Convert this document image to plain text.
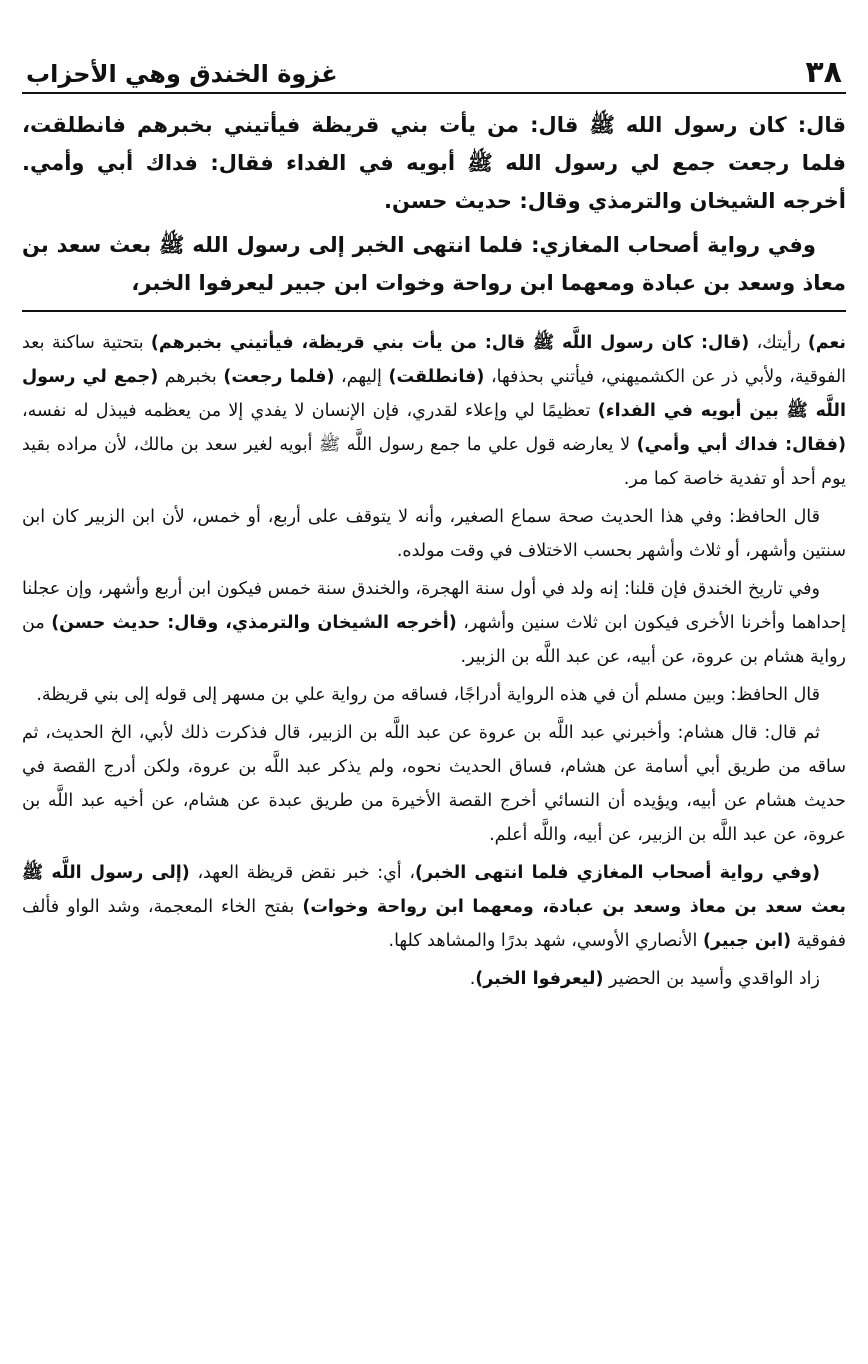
٣٨
غزوة الخندق وهي الأحزاب

قال: كان رسول الله ﷺ قال: من يأت بني قريظة فيأتيني بخبرهم فانطلقت، فلما رجعت جمع لي رسول الله ﷺ أبويه في الفداء فقال: فداك أبي وأمي. أخرجه الشيخان والترمذي وقال: حديث حسن.

وفي رواية أصحاب المغازي: فلما انتهى الخبر إلى رسول الله ﷺ بعث سعد بن معاذ وسعد بن عبادة ومعهما ابن رواحة وخوات ابن جبير ليعرفوا الخبر،

نعم) رأيتك، (قال: كان رسول اللَّه ﷺ قال: من يأت بني قريظة، فيأتيني بخبرهم) بتحتية ساكنة بعد الفوقية، ولأبي ذر عن الكشميهني، فيأتني بحذفها، (فانطلقت) إليهم، (فلما رجعت) بخبرهم (جمع لي رسول اللَّه ﷺ بين أبويه في الفداء) تعظيمًا لي وإعلاء لقدري، فإن الإنسان لا يفدي إلا من يعظمه فيبذل له نفسه، (فقال: فداك أبي وأمي) لا يعارضه قول علي ما جمع رسول اللَّه ﷺ أبويه لغير سعد بن مالك، لأن مراده بقيد يوم أحد أو تفدية خاصة كما مر.

قال الحافظ: وفي هذا الحديث صحة سماع الصغير، وأنه لا يتوقف على أربع، أو خمس، لأن ابن الزبير كان ابن سنتين وأشهر، أو ثلاث وأشهر بحسب الاختلاف في وقت مولده.

وفي تاريخ الخندق فإن قلنا: إنه ولد في أول سنة الهجرة، والخندق سنة خمس فيكون ابن أربع وأشهر، وإن عجلنا إحداهما وأخرنا الأخرى فيكون ابن ثلاث سنين وأشهر، (أخرجه الشيخان والترمذي، وقال: حديث حسن) من رواية هشام بن عروة، عن أبيه، عن عبد اللَّه بن الزبير.

قال الحافظ: وبين مسلم أن في هذه الرواية أدراجًا، فساقه من رواية علي بن مسهر إلى قوله إلى بني قريظة.

ثم قال: قال هشام: وأخبرني عبد اللَّه بن عروة عن عبد اللَّه بن الزبير، قال فذكرت ذلك لأبي، الخ الحديث، ثم ساقه من طريق أبي أسامة عن هشام، فساق الحديث نحوه، ولم يذكر عبد اللَّه بن عروة، ولكن أدرج القصة في حديث هشام عن أبيه، ويؤيده أن النسائي أخرج القصة الأخيرة من طريق عبدة عن هشام، عن أخيه عبد اللَّه بن عروة، عن عبد اللَّه بن الزبير، عن أبيه، واللَّه أعلم.

(وفي رواية أصحاب المغازي فلما انتهى الخبر)، أي: خبر نقض قريظة العهد، (إلى رسول اللَّه ﷺ بعث سعد بن معاذ وسعد بن عبادة، ومعهما ابن رواحة وخوات) بفتح الخاء المعجمة، وشد الواو فألف ففوقية (ابن جبير) الأنصاري الأوسي، شهد بدرًا والمشاهد كلها.

زاد الواقدي وأسيد بن الحضير (ليعرفوا الخبر).
